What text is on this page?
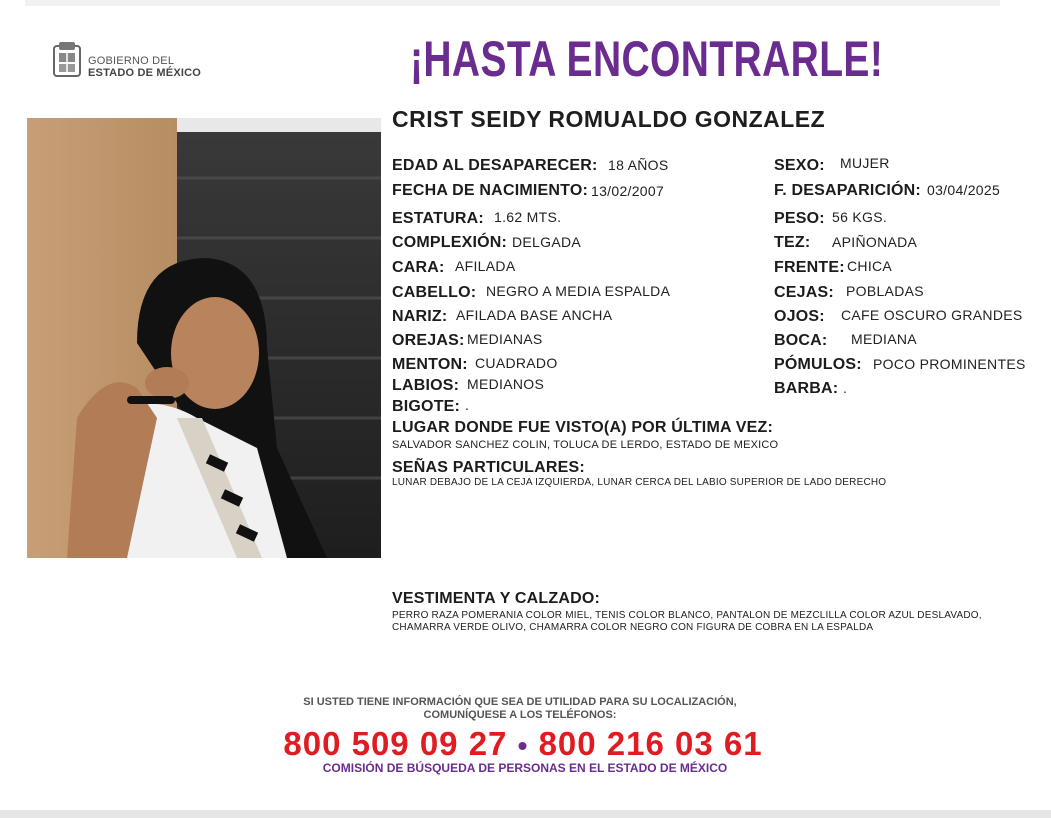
GOBIERNO DEL
ESTADO DE MÉXICO	¡HASTA ENCONTRARLE!
CRIST SEIDY ROMUALDO GONZALEZ
EDAD AL DESAPARECER: 18 AÑOS
FECHA DE NACIMIENTO: 13/02/2007
ESTATURA: 1.62 MTS.
COMPLEXIÓN: DELGADA
CARA: AFILADA
CABELLO: NEGRO A MEDIA ESPALDA
NARIZ: AFILADA BASE ANCHA
OREJAS: MEDIANAS
MENTON: CUADRADO
LABIOS: MEDIANOS
BIGOTE: .
SEXO: MUJER
F. DESAPARICIÓN: 03/04/2025
PESO: 56 KGS.
TEZ: APIÑONADA
FRENTE: CHICA
CEJAS: POBLADAS
OJOS: CAFE OSCURO GRANDES
BOCA: MEDIANA
PÓMULOS: POCO PROMINENTES
BARBA: .
LUGAR DONDE FUE VISTO(A) POR ÚLTIMA VEZ:
SALVADOR SANCHEZ COLIN, TOLUCA DE LERDO, ESTADO DE MEXICO
SEÑAS PARTICULARES:
LUNAR DEBAJO DE LA CEJA IZQUIERDA, LUNAR CERCA DEL LABIO SUPERIOR DE LADO DERECHO
VESTIMENTA Y CALZADO:
PERRO RAZA POMERANIA COLOR MIEL, TENIS COLOR BLANCO, PANTALON DE MEZCLILLA COLOR AZUL DESLAVADO,
CHAMARRA VERDE OLIVO, CHAMARRA COLOR NEGRO CON FIGURA DE COBRA EN LA ESPALDA
SI USTED TIENE INFORMACIÓN QUE SEA DE UTILIDAD PARA SU LOCALIZACIÓN,
COMUNÍQUESE A LOS TELÉFONOS:
800 509 09 27 • 800 216 03 61
COMISIÓN DE BÚSQUEDA DE PERSONAS EN EL ESTADO DE MÉXICO
